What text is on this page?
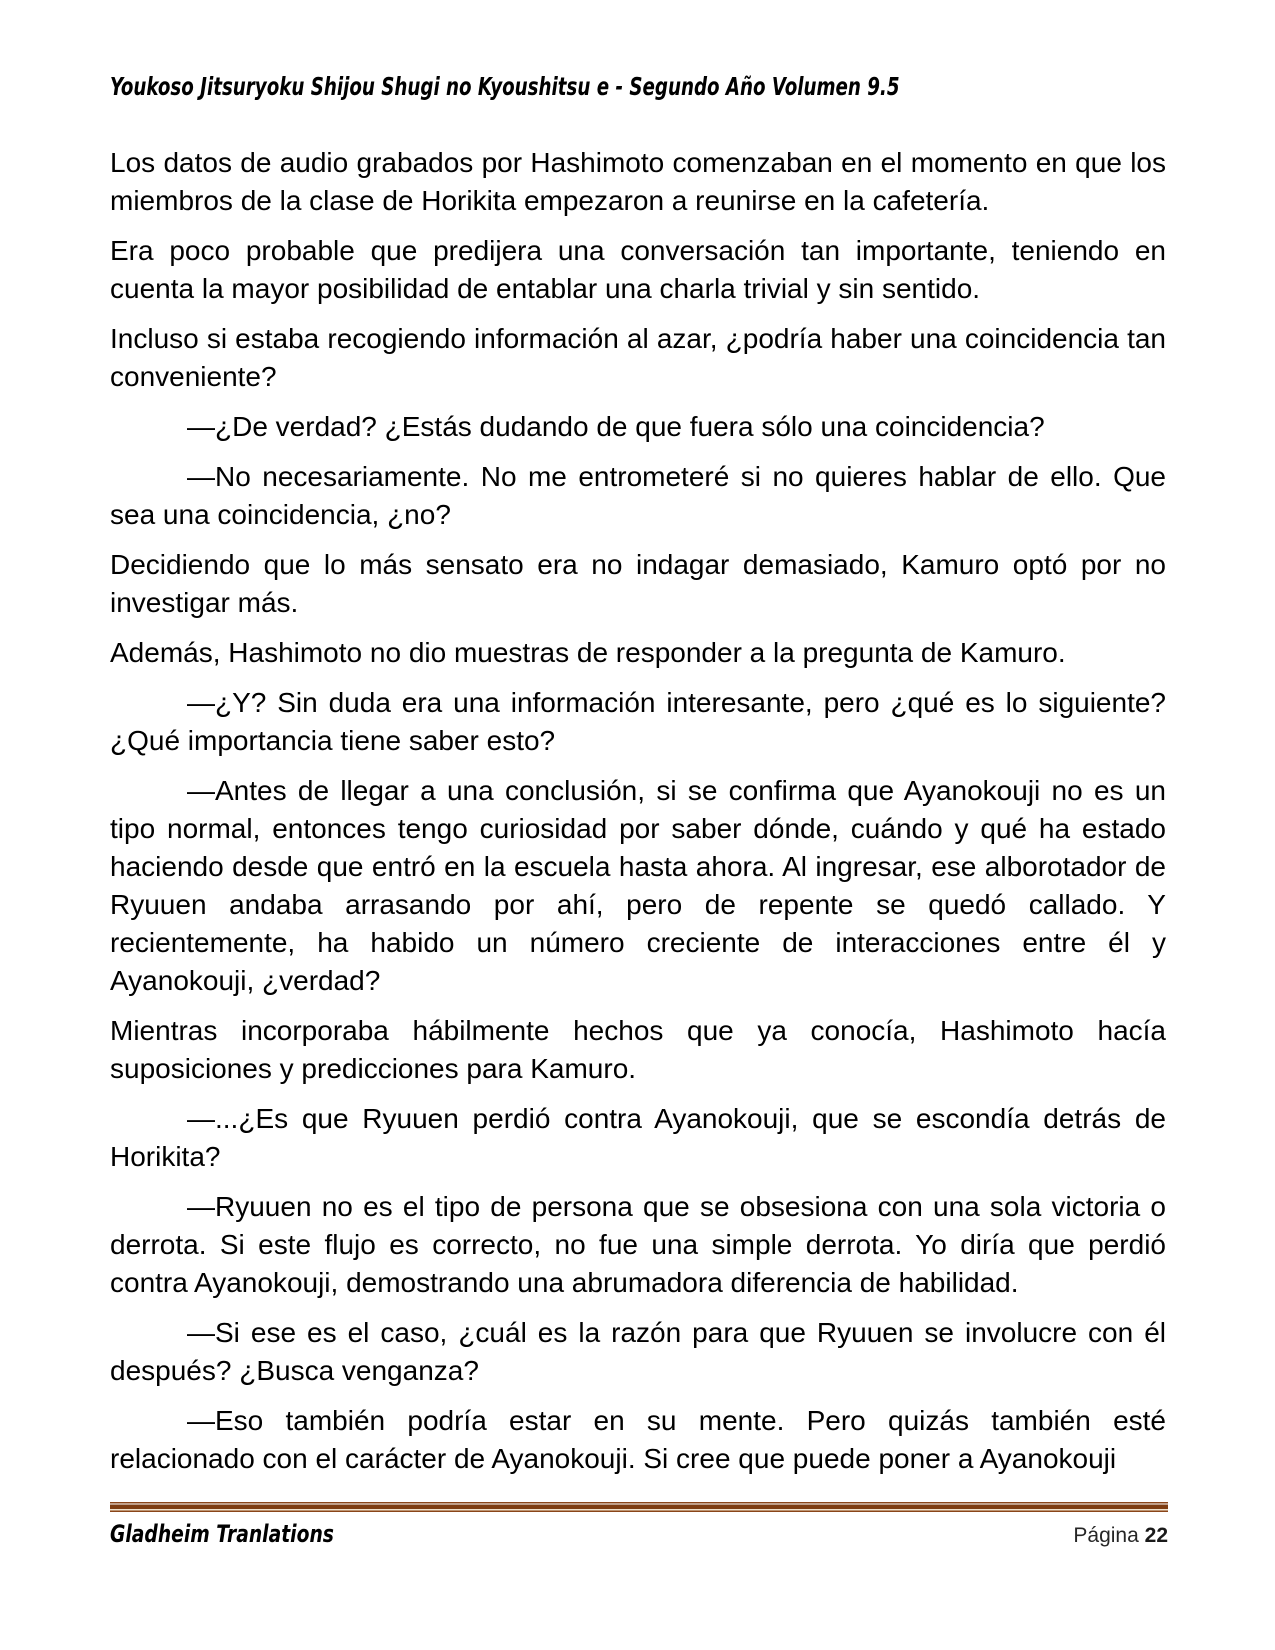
Youkoso Jitsuryoku Shijou Shugi no Kyoushitsu e - Segundo Año Volumen 9.5

Los datos de audio grabados por Hashimoto comenzaban en el momento en que los miembros de la clase de Horikita empezaron a reunirse en la cafetería.

Era poco probable que predijera una conversación tan importante, teniendo en cuenta la mayor posibilidad de entablar una charla trivial y sin sentido.

Incluso si estaba recogiendo información al azar, ¿podría haber una coincidencia tan conveniente?

—¿De verdad? ¿Estás dudando de que fuera sólo una coincidencia?

—No necesariamente. No me entrometeré si no quieres hablar de ello. Que sea una coincidencia, ¿no?

Decidiendo que lo más sensato era no indagar demasiado, Kamuro optó por no investigar más.

Además, Hashimoto no dio muestras de responder a la pregunta de Kamuro.

—¿Y? Sin duda era una información interesante, pero ¿qué es lo siguiente? ¿Qué importancia tiene saber esto?

—Antes de llegar a una conclusión, si se confirma que Ayanokouji no es un tipo normal, entonces tengo curiosidad por saber dónde, cuándo y qué ha estado haciendo desde que entró en la escuela hasta ahora. Al ingresar, ese alborotador de Ryuuen andaba arrasando por ahí, pero de repente se quedó callado. Y recientemente, ha habido un número creciente de interacciones entre él y Ayanokouji, ¿verdad?

Mientras incorporaba hábilmente hechos que ya conocía, Hashimoto hacía suposiciones y predicciones para Kamuro.

—...¿Es que Ryuuen perdió contra Ayanokouji, que se escondía detrás de Horikita?

—Ryuuen no es el tipo de persona que se obsesiona con una sola victoria o derrota. Si este flujo es correcto, no fue una simple derrota. Yo diría que perdió contra Ayanokouji, demostrando una abrumadora diferencia de habilidad.

—Si ese es el caso, ¿cuál es la razón para que Ryuuen se involucre con él después? ¿Busca venganza?

—Eso también podría estar en su mente. Pero quizás también esté relacionado con el carácter de Ayanokouji. Si cree que puede poner a Ayanokouji

Gladheim Tranlations	Página 22
